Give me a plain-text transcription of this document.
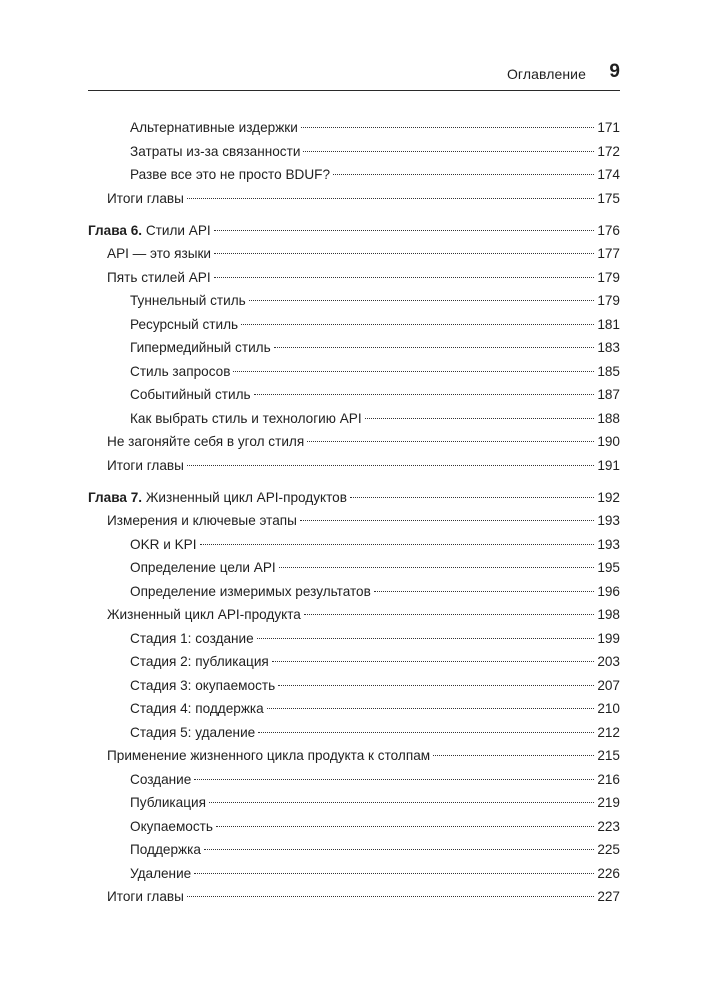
Оглавление 9
Альтернативные издержки	171
Затраты из-за связанности	172
Разве все это не просто BDUF?	174
Итоги главы	175
Глава 6. Стили API	176
API — это языки	177
Пять стилей API	179
Туннельный стиль	179
Ресурсный стиль	181
Гипермедийный стиль	183
Стиль запросов	185
Событийный стиль	187
Как выбрать стиль и технологию API	188
Не загоняйте себя в угол стиля	190
Итоги главы	191
Глава 7. Жизненный цикл API-продуктов	192
Измерения и ключевые этапы	193
OKR и KPI	193
Определение цели API	195
Определение измеримых результатов	196
Жизненный цикл API-продукта	198
Стадия 1: создание	199
Стадия 2: публикация	203
Стадия 3: окупаемость	207
Стадия 4: поддержка	210
Стадия 5: удаление	212
Применение жизненного цикла продукта к столпам	215
Создание	216
Публикация	219
Окупаемость	223
Поддержка	225
Удаление	226
Итоги главы	227
